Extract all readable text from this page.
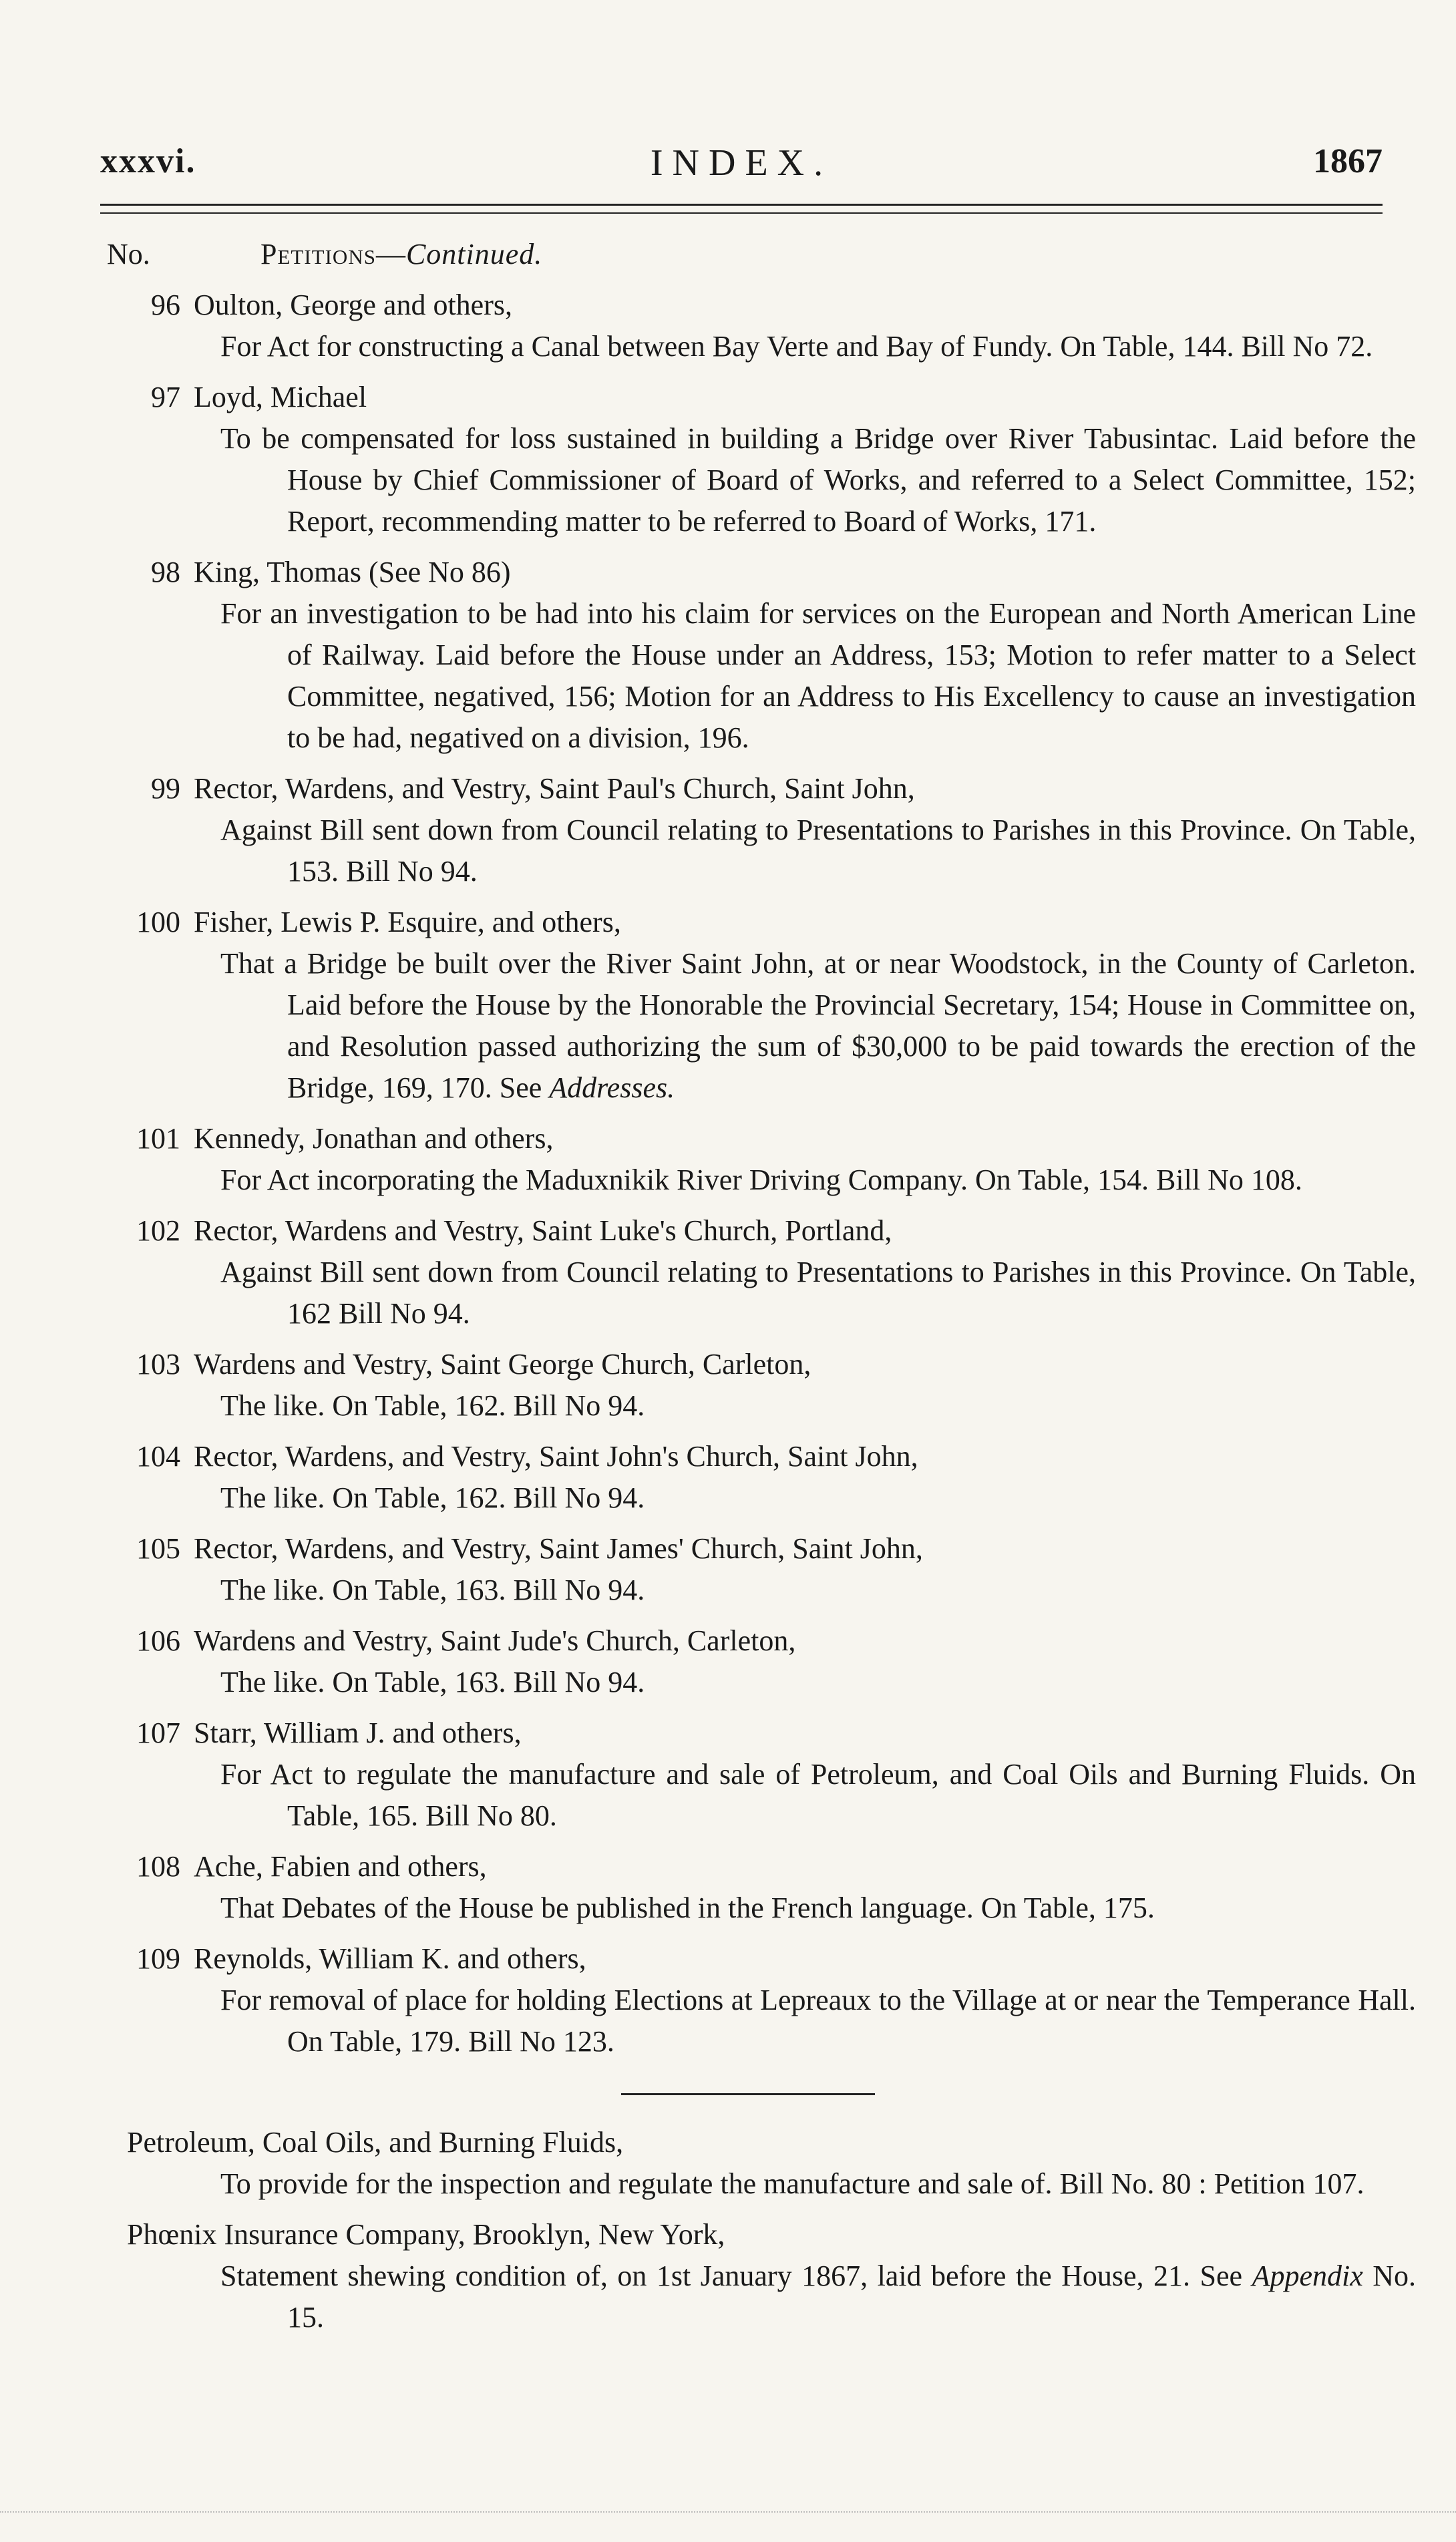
xxxvi.	INDEX.	1867
No.	Petitions—Continued.
96 Oulton, George and others,
For Act for constructing a Canal between Bay Verte and Bay of Fundy. On Table, 144. Bill No 72.
97 Loyd, Michael
To be compensated for loss sustained in building a Bridge over River Tabusintac. Laid before the House by Chief Commissioner of Board of Works, and referred to a Select Committee, 152; Report, recommending matter to be referred to Board of Works, 171.
98 King, Thomas (See No 86)
For an investigation to be had into his claim for services on the European and North American Line of Railway. Laid before the House under an Address, 153; Motion to refer matter to a Select Committee, negatived, 156; Motion for an Address to His Excellency to cause an investigation to be had, negatived on a division, 196.
99 Rector, Wardens, and Vestry, Saint Paul's Church, Saint John,
Against Bill sent down from Council relating to Presentations to Parishes in this Province. On Table, 153. Bill No 94.
100 Fisher, Lewis P. Esquire, and others,
That a Bridge be built over the River Saint John, at or near Woodstock, in the County of Carleton. Laid before the House by the Honorable the Provincial Secretary, 154; House in Committee on, and Resolution passed authorizing the sum of $30,000 to be paid towards the erection of the Bridge, 169, 170. See Addresses.
101 Kennedy, Jonathan and others,
For Act incorporating the Maduxnikik River Driving Company. On Table, 154. Bill No 108.
102 Rector, Wardens and Vestry, Saint Luke's Church, Portland,
Against Bill sent down from Council relating to Presentations to Parishes in this Province. On Table, 162 Bill No 94.
103 Wardens and Vestry, Saint George Church, Carleton,
The like. On Table, 162. Bill No 94.
104 Rector, Wardens, and Vestry, Saint John's Church, Saint John,
The like. On Table, 162. Bill No 94.
105 Rector, Wardens, and Vestry, Saint James' Church, Saint John,
The like. On Table, 163. Bill No 94.
106 Wardens and Vestry, Saint Jude's Church, Carleton,
The like. On Table, 163. Bill No 94.
107 Starr, William J. and others,
For Act to regulate the manufacture and sale of Petroleum, and Coal Oils and Burning Fluids. On Table, 165. Bill No 80.
108 Ache, Fabien and others,
That Debates of the House be published in the French language. On Table, 175.
109 Reynolds, William K. and others,
For removal of place for holding Elections at Lepreaux to the Village at or near the Temperance Hall. On Table, 179. Bill No 123.
Petroleum, Coal Oils, and Burning Fluids,
To provide for the inspection and regulate the manufacture and sale of. Bill No. 80 : Petition 107.
Phœnix Insurance Company, Brooklyn, New York,
Statement shewing condition of, on 1st January 1867, laid before the House, 21. See Appendix No. 15.
